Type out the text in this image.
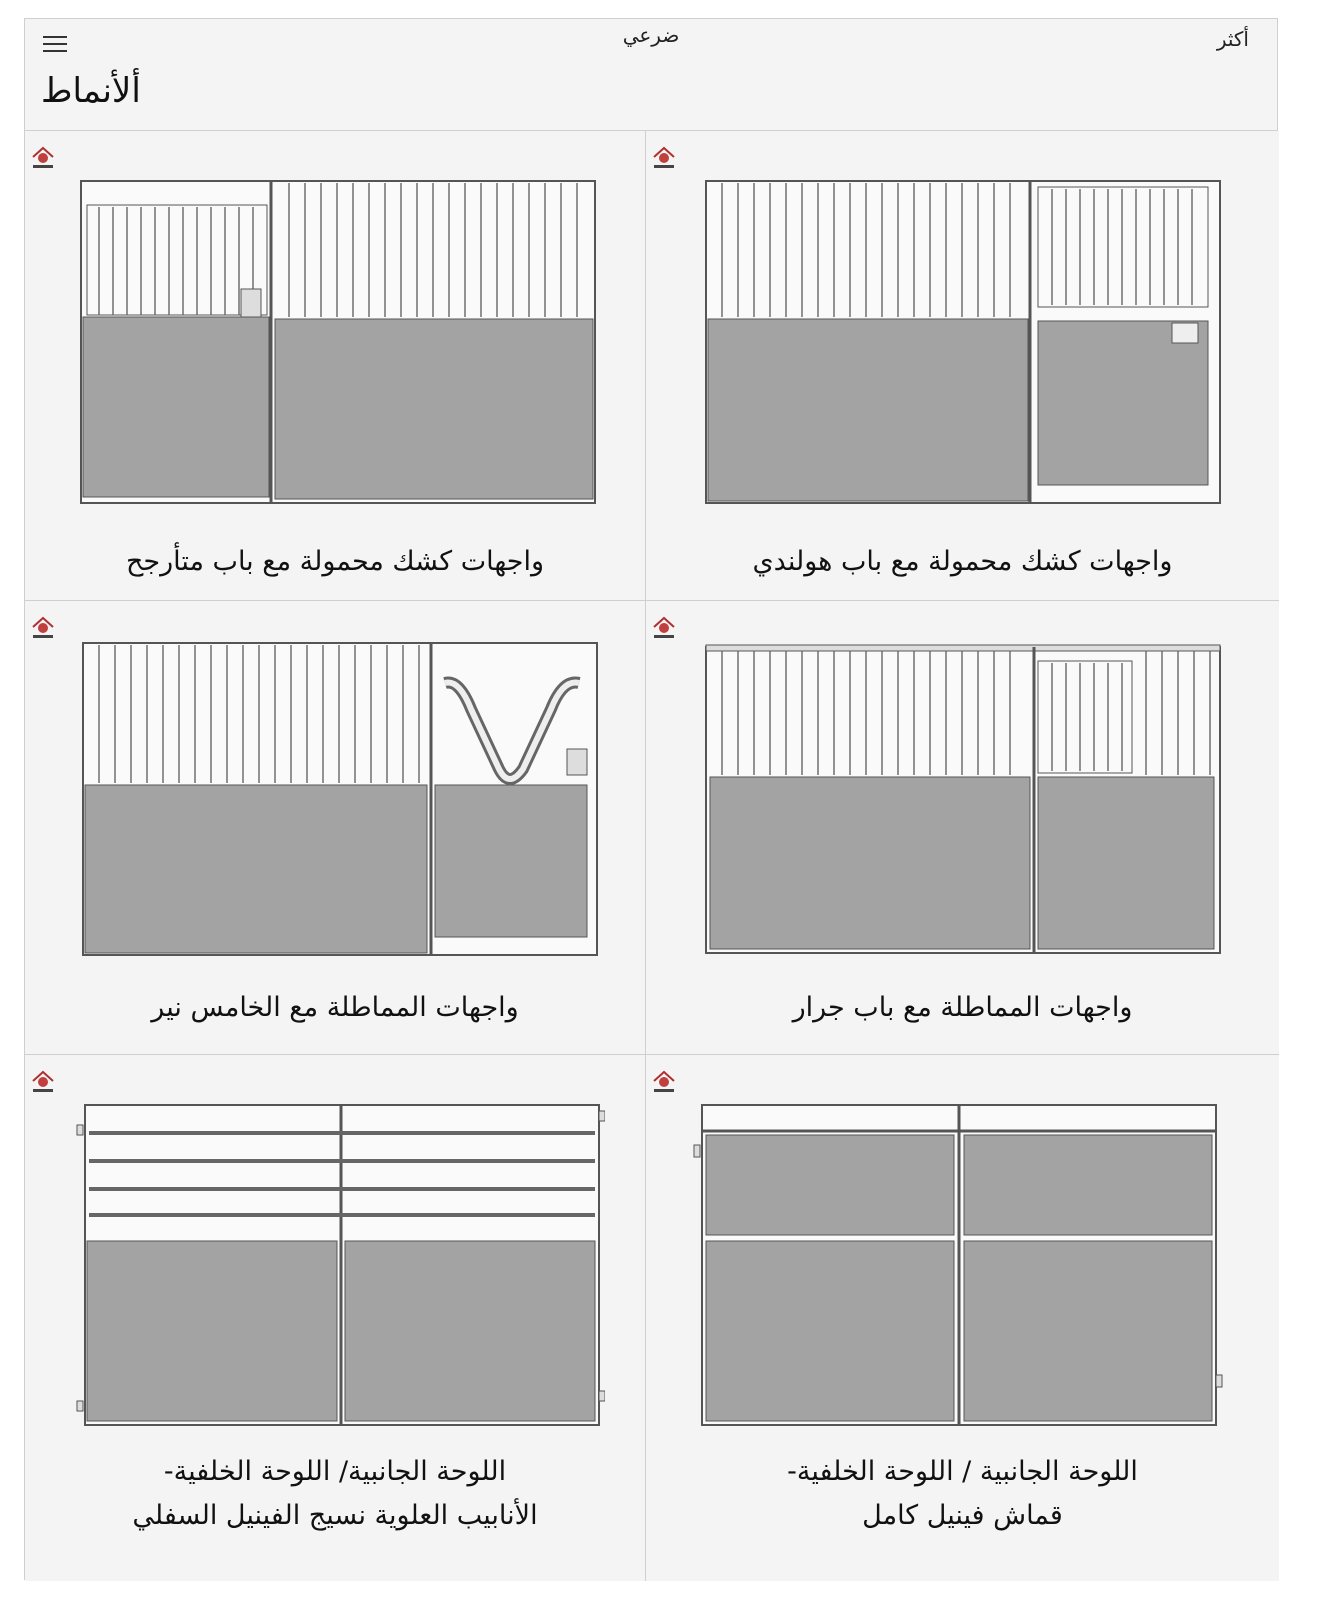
ضرعي	أكثر
ألأنماط
واجهات كشك محمولة مع باب متأرجح	واجهات كشك محمولة مع باب هولندي
واجهات المماطلة مع الخامس نير	واجهات المماطلة مع باب جرار
اللوحة الجانبية/ اللوحة الخلفية-
الأنابيب العلوية نسيج الفينيل السفلي
اللوحة الجانبية / اللوحة الخلفية-
قماش فينيل كامل
